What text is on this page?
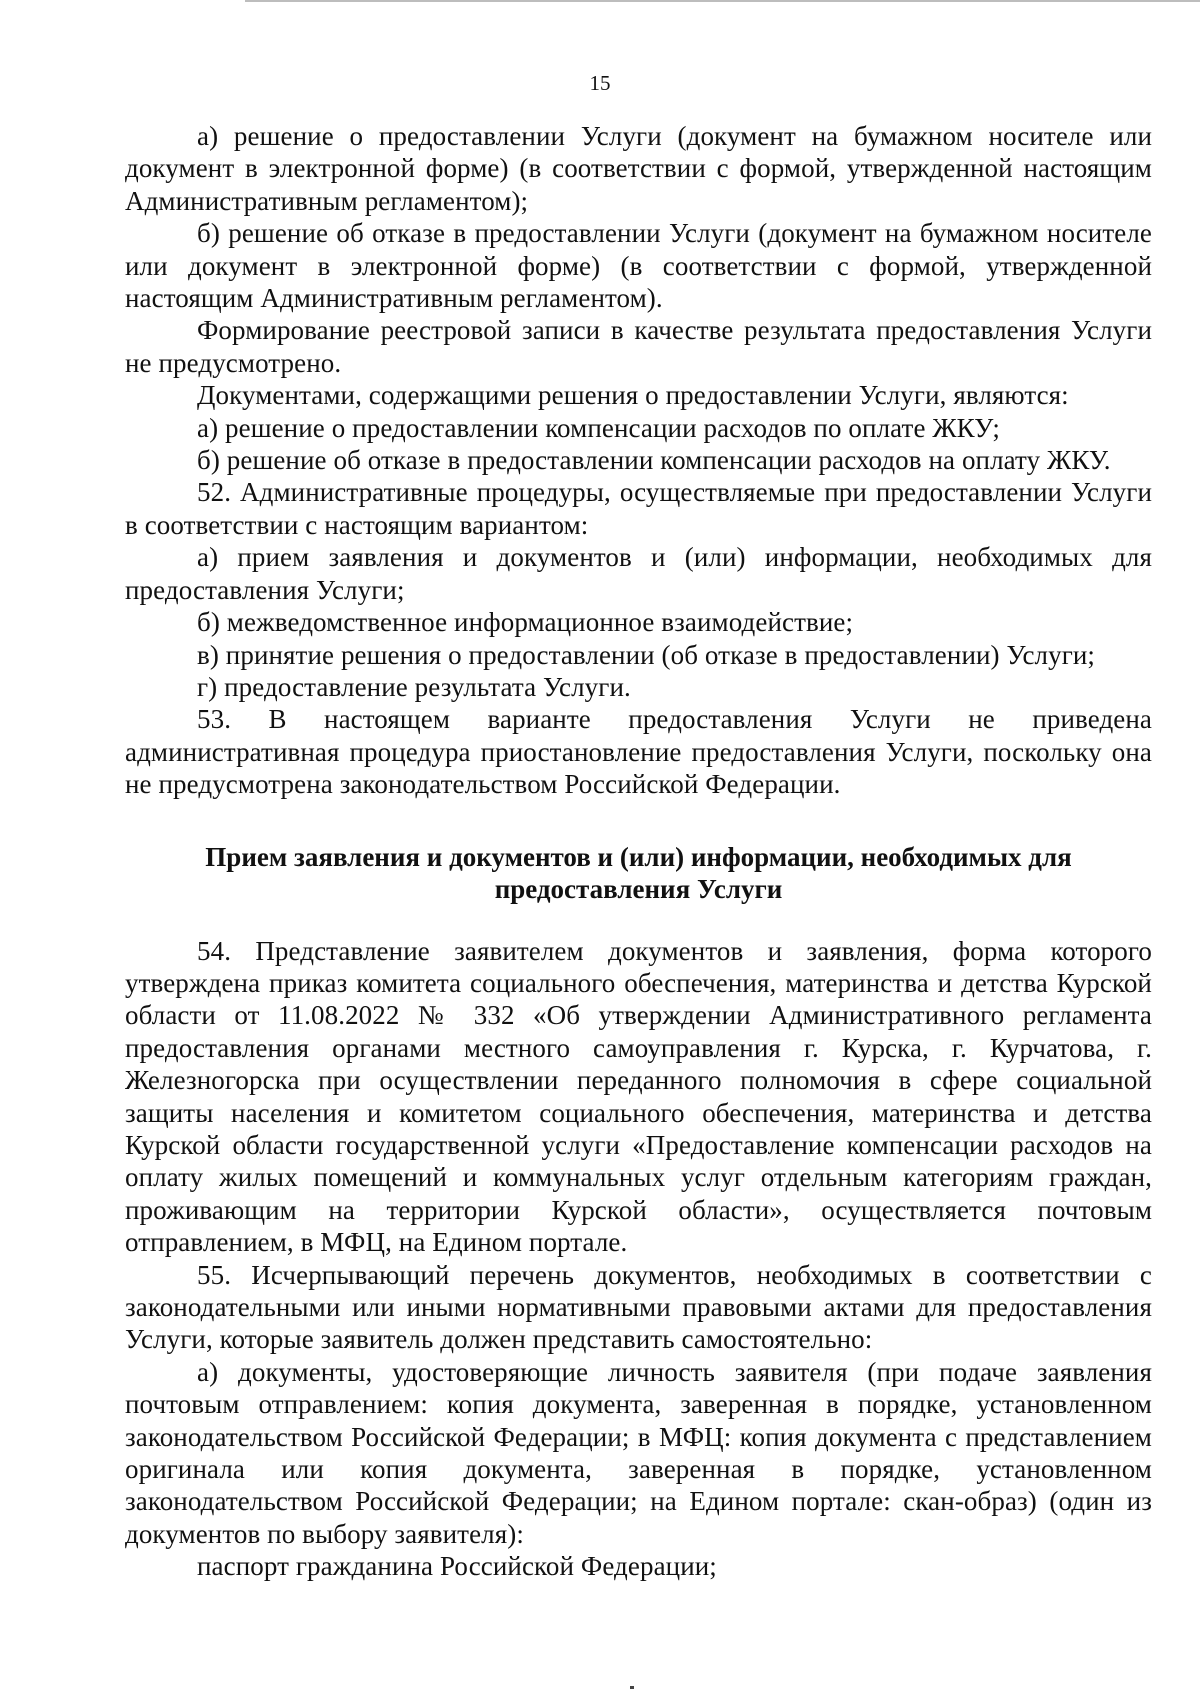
15

а) решение о предоставлении Услуги (документ на бумажном носителе или документ в электронной форме) (в соответствии с формой, утвержденной настоящим Административным регламентом);

б) решение об отказе в предоставлении Услуги (документ на бумажном носителе или документ в электронной форме) (в соответствии с формой, утвержденной настоящим Административным регламентом).

Формирование реестровой записи в качестве результата предоставления Услуги не предусмотрено.

Документами, содержащими решения о предоставлении Услуги, являются:

а) решение о предоставлении компенсации расходов по оплате ЖКУ;

б) решение об отказе в предоставлении компенсации расходов на оплату ЖКУ.

52. Административные процедуры, осуществляемые при предоставлении Услуги в соответствии с настоящим вариантом:

а) прием заявления и документов и (или) информации, необходимых для предоставления Услуги;

б) межведомственное информационное взаимодействие;

в) принятие решения о предоставлении (об отказе в предоставлении) Услуги;

г) предоставление результата Услуги.

53. В настоящем варианте предоставления Услуги не приведена административная процедура приостановление предоставления Услуги, поскольку она не предусмотрена законодательством Российской Федерации.

Прием заявления и документов и (или) информации, необходимых для предоставления Услуги

54. Представление заявителем документов и заявления, форма которого утверждена приказ комитета социального обеспечения, материнства и детства Курской области от 11.08.2022 № 332 «Об утверждении Административного регламента предоставления органами местного самоуправления г. Курска, г. Курчатова, г. Железногорска при осуществлении переданного полномочия в сфере социальной защиты населения и комитетом социального обеспечения, материнства и детства Курской области государственной услуги «Предоставление компенсации расходов на оплату жилых помещений и коммунальных услуг отдельным категориям граждан, проживающим на территории Курской области», осуществляется почтовым отправлением, в МФЦ, на Едином портале.

55. Исчерпывающий перечень документов, необходимых в соответствии с законодательными или иными нормативными правовыми актами для предоставления Услуги, которые заявитель должен представить самостоятельно:

а) документы, удостоверяющие личность заявителя (при подаче заявления почтовым отправлением: копия документа, заверенная в порядке, установленном законодательством Российской Федерации; в МФЦ: копия документа с представлением оригинала или копия документа, заверенная в порядке, установленном законодательством Российской Федерации; на Едином портале: скан-образ) (один из документов по выбору заявителя):

паспорт гражданина Российской Федерации;
